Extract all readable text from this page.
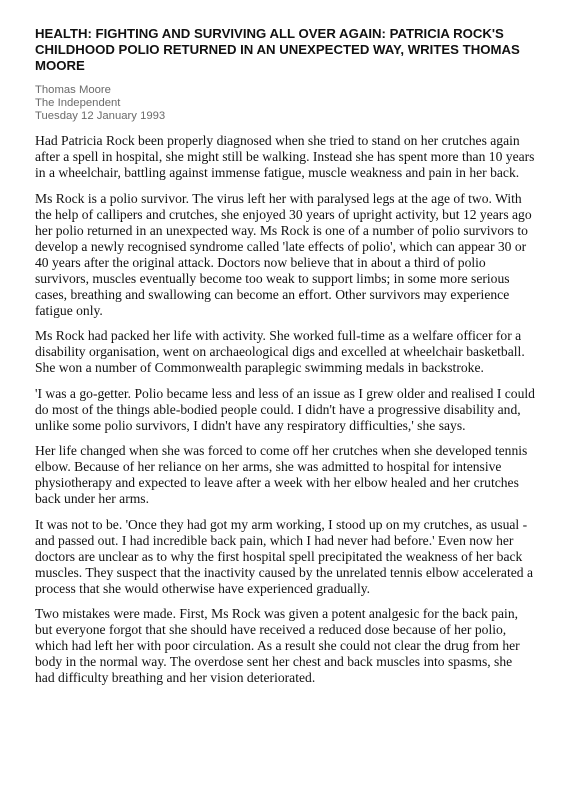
HEALTH: FIGHTING AND SURVIVING ALL OVER AGAIN: PATRICIA ROCK'S CHILDHOOD POLIO RETURNED IN AN UNEXPECTED WAY, WRITES THOMAS MOORE
Thomas Moore
The Independent
Tuesday 12 January 1993

Had Patricia Rock been properly diagnosed when she tried to stand on her crutches again after a spell in hospital, she might still be walking. Instead she has spent more than 10 years in a wheelchair, battling against immense fatigue, muscle weakness and pain in her back.

Ms Rock is a polio survivor. The virus left her with paralysed legs at the age of two. With the help of callipers and crutches, she enjoyed 30 years of upright activity, but 12 years ago her polio returned in an unexpected way. Ms Rock is one of a number of polio survivors to develop a newly recognised syndrome called 'late effects of polio', which can appear 30 or 40 years after the original attack. Doctors now believe that in about a third of polio survivors, muscles eventually become too weak to support limbs; in some more serious cases, breathing and swallowing can become an effort. Other survivors may experience fatigue only.

Ms Rock had packed her life with activity. She worked full-time as a welfare officer for a disability organisation, went on archaeological digs and excelled at wheelchair basketball. She won a number of Commonwealth paraplegic swimming medals in backstroke.

'I was a go-getter. Polio became less and less of an issue as I grew older and realised I could do most of the things able-bodied people could. I didn't have a progressive disability and, unlike some polio survivors, I didn't have any respiratory difficulties,' she says.

Her life changed when she was forced to come off her crutches when she developed tennis elbow. Because of her reliance on her arms, she was admitted to hospital for intensive physiotherapy and expected to leave after a week with her elbow healed and her crutches back under her arms.

It was not to be. 'Once they had got my arm working, I stood up on my crutches, as usual - and passed out. I had incredible back pain, which I had never had before.' Even now her doctors are unclear as to why the first hospital spell precipitated the weakness of her back muscles. They suspect that the inactivity caused by the unrelated tennis elbow accelerated a process that she would otherwise have experienced gradually.

Two mistakes were made. First, Ms Rock was given a potent analgesic for the back pain, but everyone forgot that she should have received a reduced dose because of her polio, which had left her with poor circulation. As a result she could not clear the drug from her body in the normal way. The overdose sent her chest and back muscles into spasms, she had difficulty breathing and her vision deteriorated.
